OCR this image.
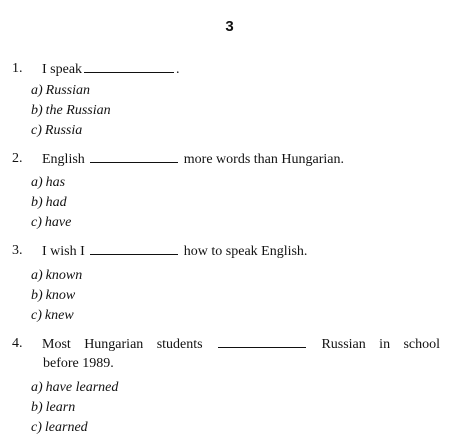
3
1.	I speak	.
a) Russian
b) the Russian
c) Russia
2.	English	more words than Hungarian.
a) has
b) had
c) have
3.	I wish I	how to speak English.
a) known
b) know
c) knew
4.	Most Hungarian students	Russian in school
before 1989.
a) have learned
b) learn
c) learned
